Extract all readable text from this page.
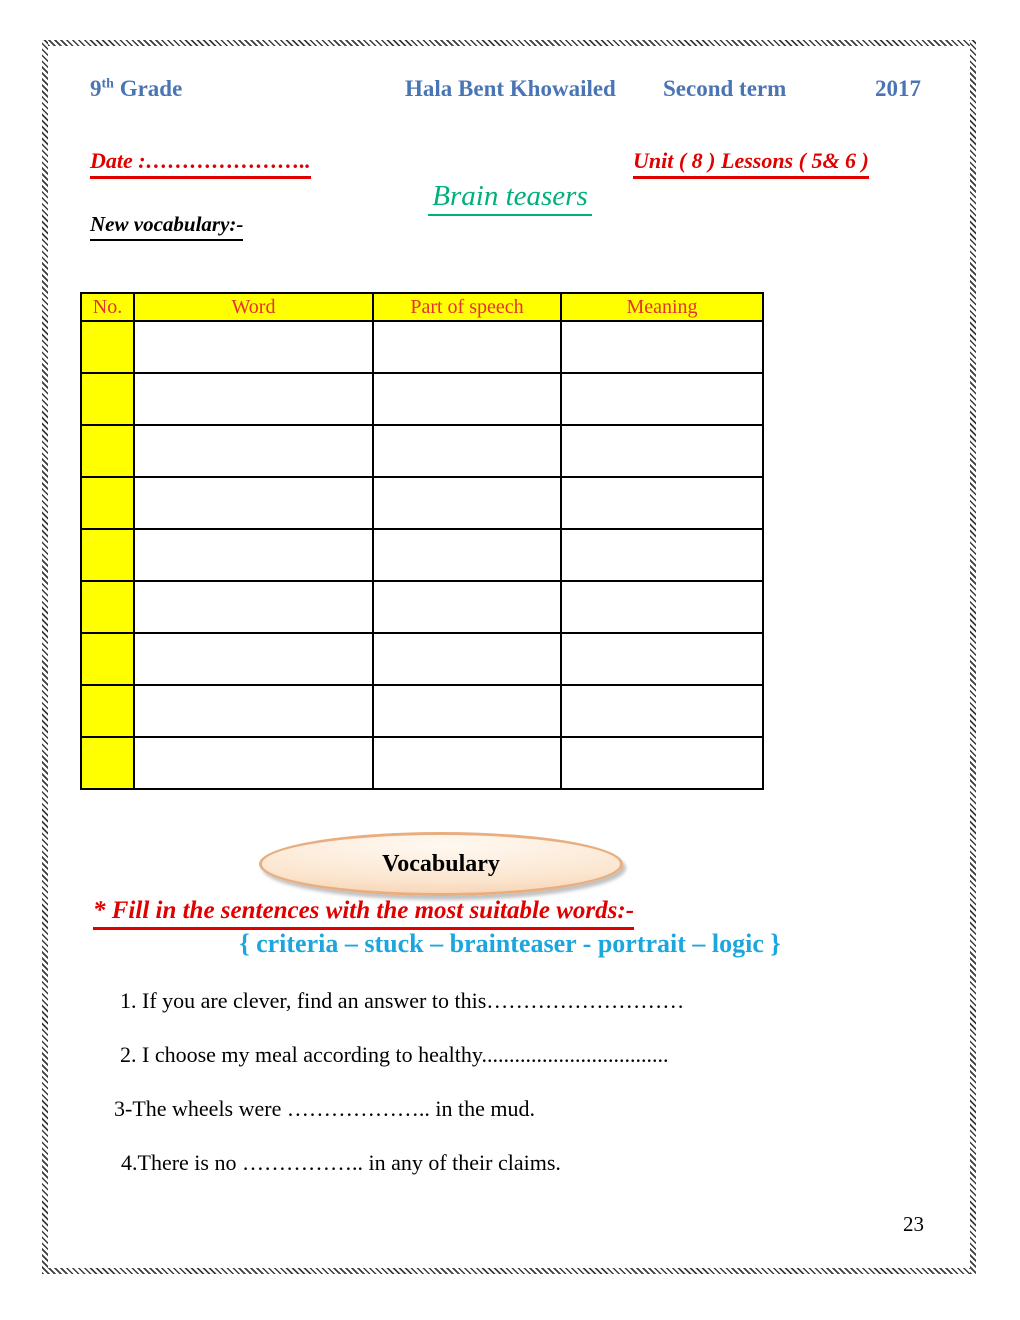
9th Grade	Hala Bent Khowailed Second term	2017
Date :…………………..	Unit ( 8 ) Lessons ( 5& 6 )
Brain teasers
New vocabulary:-
No.	Word	Part of speech	Meaning

Vocabulary
* Fill in the sentences with the most suitable words:-
{ criteria – stuck – brainteaser - portrait – logic }
1. If you are clever, find an answer to this………………………
2. I choose my meal according to healthy..................................
3-The wheels were ……………….. in the mud.
4.There is no …………….. in any of their claims.
23
